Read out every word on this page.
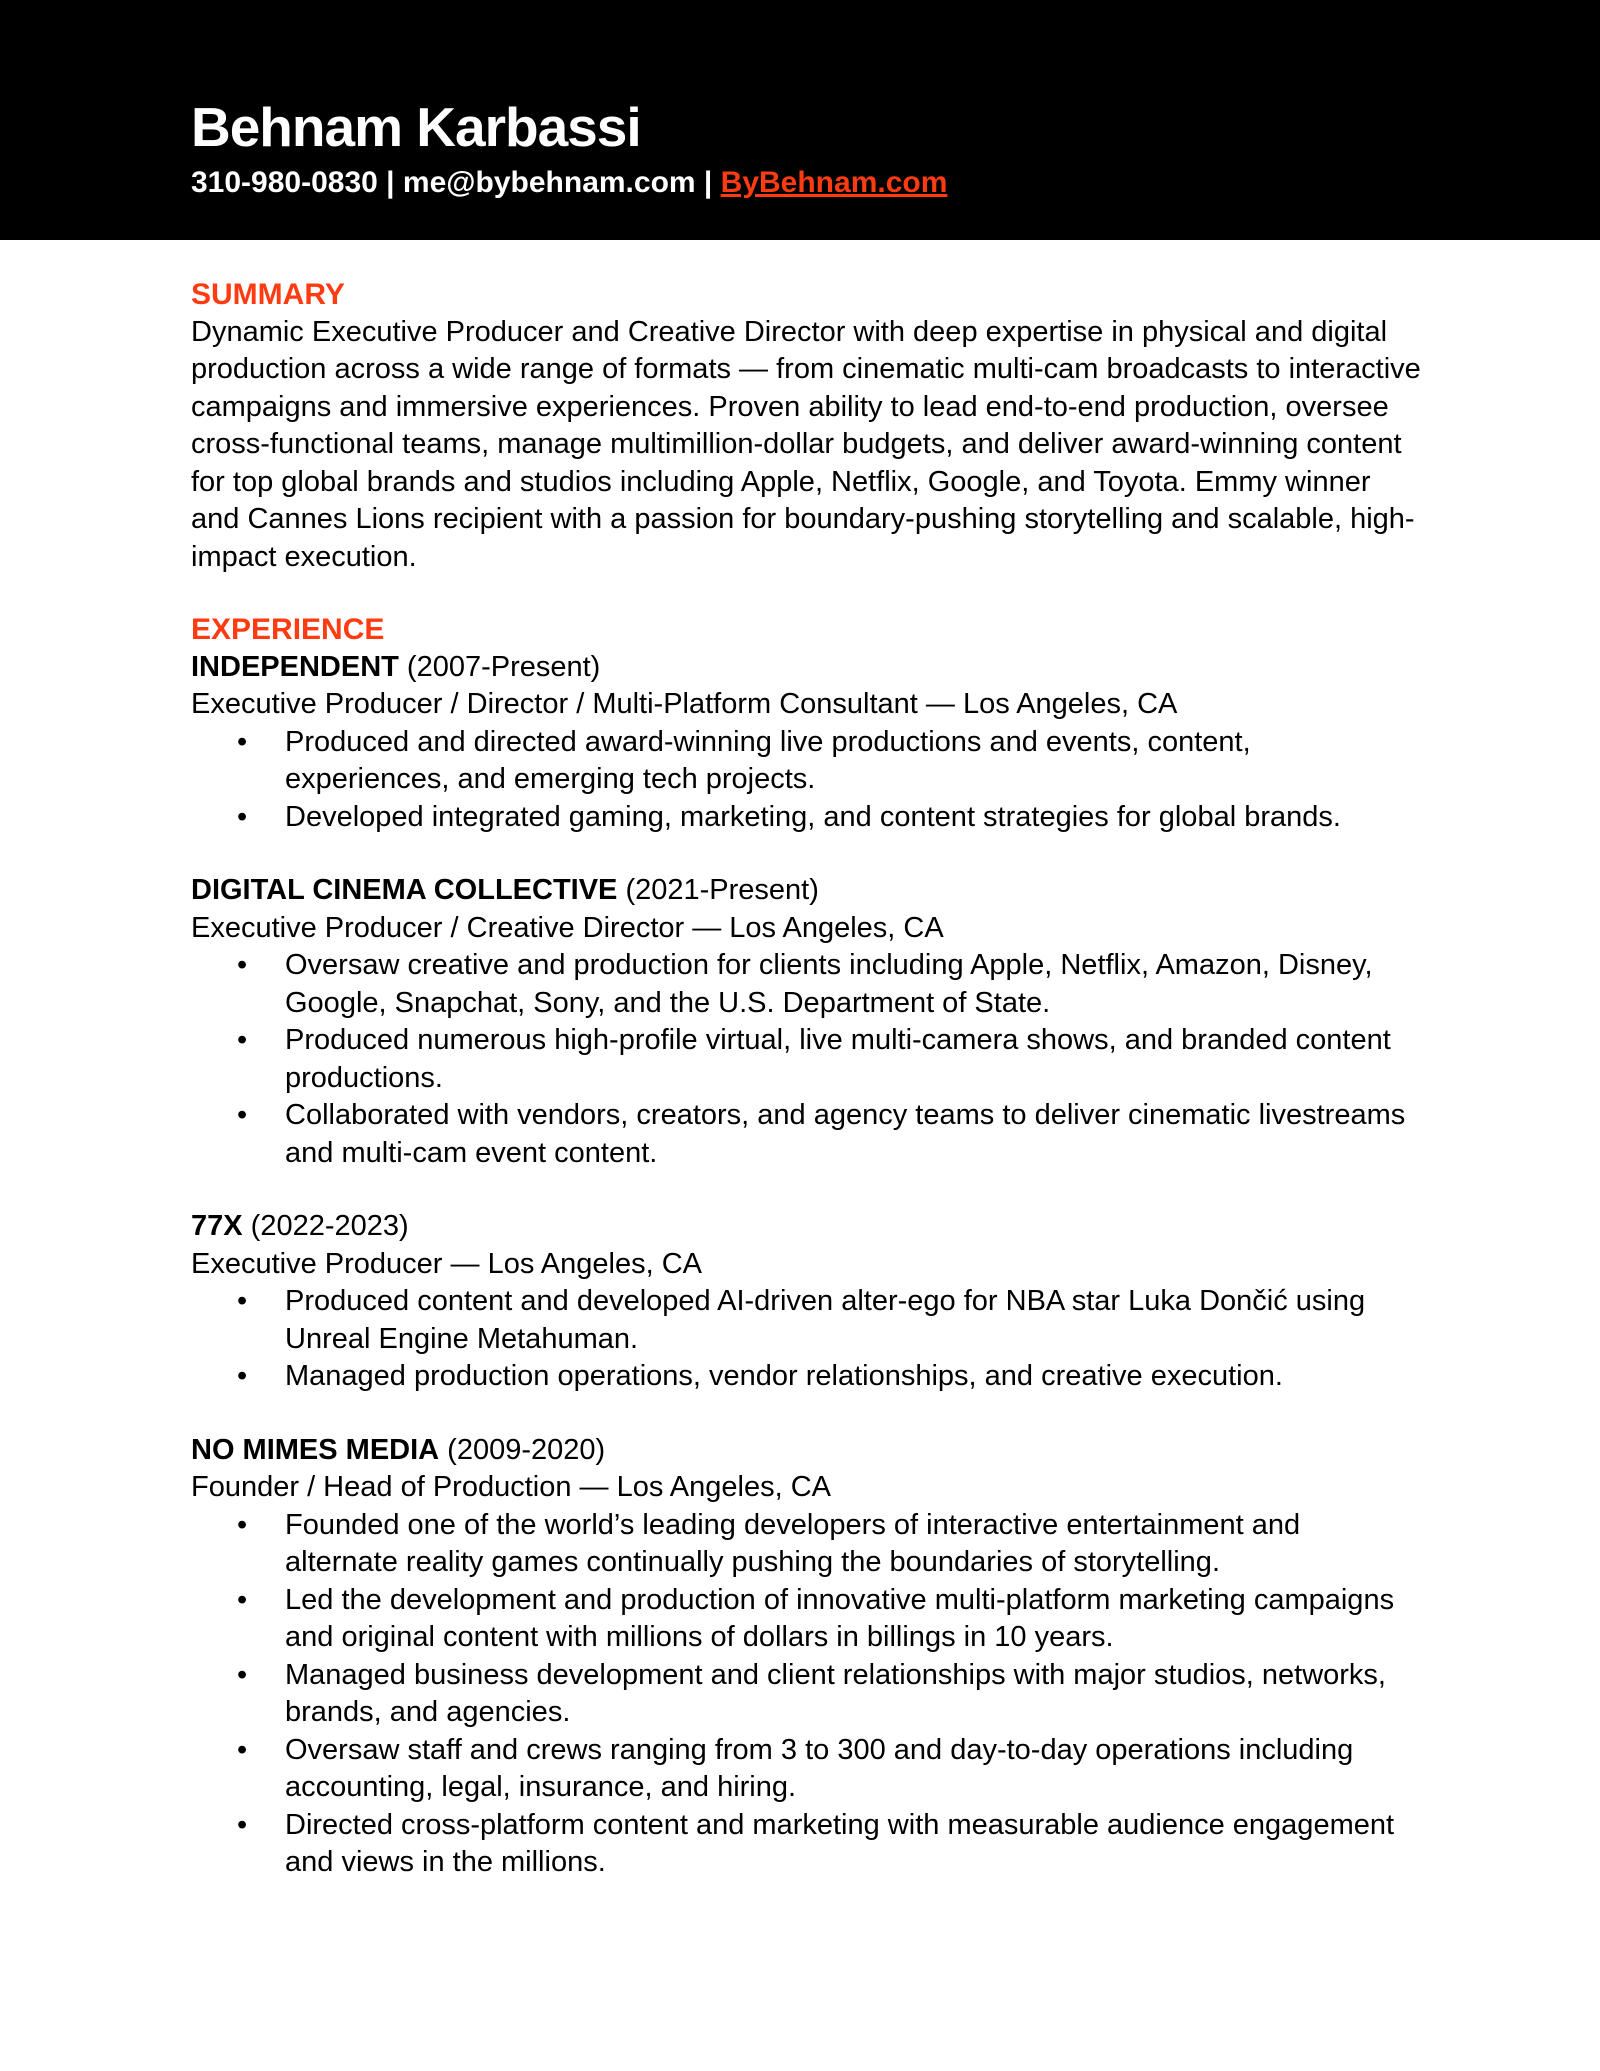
Behnam Karbassi
310-980-0830 | me@bybehnam.com | ByBehnam.com
SUMMARY

Dynamic Executive Producer and Creative Director with deep expertise in physical and digital production across a wide range of formats — from cinematic multi-cam broadcasts to interactive campaigns and immersive experiences. Proven ability to lead end-to-end production, oversee cross-functional teams, manage multimillion-dollar budgets, and deliver award-winning content for top global brands and studios including Apple, Netflix, Google, and Toyota. Emmy winner and Cannes Lions recipient with a passion for boundary-pushing storytelling and scalable, high-impact execution.

EXPERIENCE
INDEPENDENT (2007-Present)
Executive Producer / Director / Multi-Platform Consultant — Los Angeles, CA
• Produced and directed award-winning live productions and events, content, experiences, and emerging tech projects.
• Developed integrated gaming, marketing, and content strategies for global brands.
DIGITAL CINEMA COLLECTIVE (2021-Present)
Executive Producer / Creative Director — Los Angeles, CA
• Oversaw creative and production for clients including Apple, Netflix, Amazon, Disney, Google, Snapchat, Sony, and the U.S. Department of State.
• Produced numerous high-profile virtual, live multi-camera shows, and branded content productions.
• Collaborated with vendors, creators, and agency teams to deliver cinematic livestreams and multi-cam event content.
77X (2022-2023)
Executive Producer — Los Angeles, CA
• Produced content and developed AI-driven alter-ego for NBA star Luka Dončić using Unreal Engine Metahuman.
• Managed production operations, vendor relationships, and creative execution.
NO MIMES MEDIA (2009-2020)
Founder / Head of Production — Los Angeles, CA
• Founded one of the world’s leading developers of interactive entertainment and alternate reality games continually pushing the boundaries of storytelling.
• Led the development and production of innovative multi-platform marketing campaigns and original content with millions of dollars in billings in 10 years.
• Managed business development and client relationships with major studios, networks, brands, and agencies.
• Oversaw staff and crews ranging from 3 to 300 and day-to-day operations including accounting, legal, insurance, and hiring.
• Directed cross-platform content and marketing with measurable audience engagement and views in the millions.
